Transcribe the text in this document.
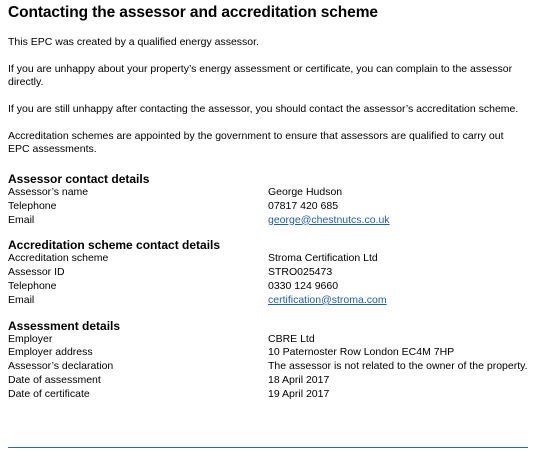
Contacting the assessor and accreditation scheme

This EPC was created by a qualified energy assessor.

If you are unhappy about your property’s energy assessment or certificate, you can complain to the assessor directly.

If you are still unhappy after contacting the assessor, you should contact the assessor’s accreditation scheme.

Accreditation schemes are appointed by the government to ensure that assessors are qualified to carry out EPC assessments.

Assessor contact details
Assessor’s name	George Hudson
Telephone	07817 420 685
Email	george@chestnutcs.co.uk
Accreditation scheme contact details
Accreditation scheme	Stroma Certification Ltd
Assessor ID	STRO025473
Telephone	0330 124 9660
Email	certification@stroma.com
Assessment details
Employer	CBRE Ltd
Employer address	10 Paternoster Row London EC4M 7HP
Assessor’s declaration	The assessor is not related to the owner of the property.
Date of assessment	18 April 2017
Date of certificate	19 April 2017
